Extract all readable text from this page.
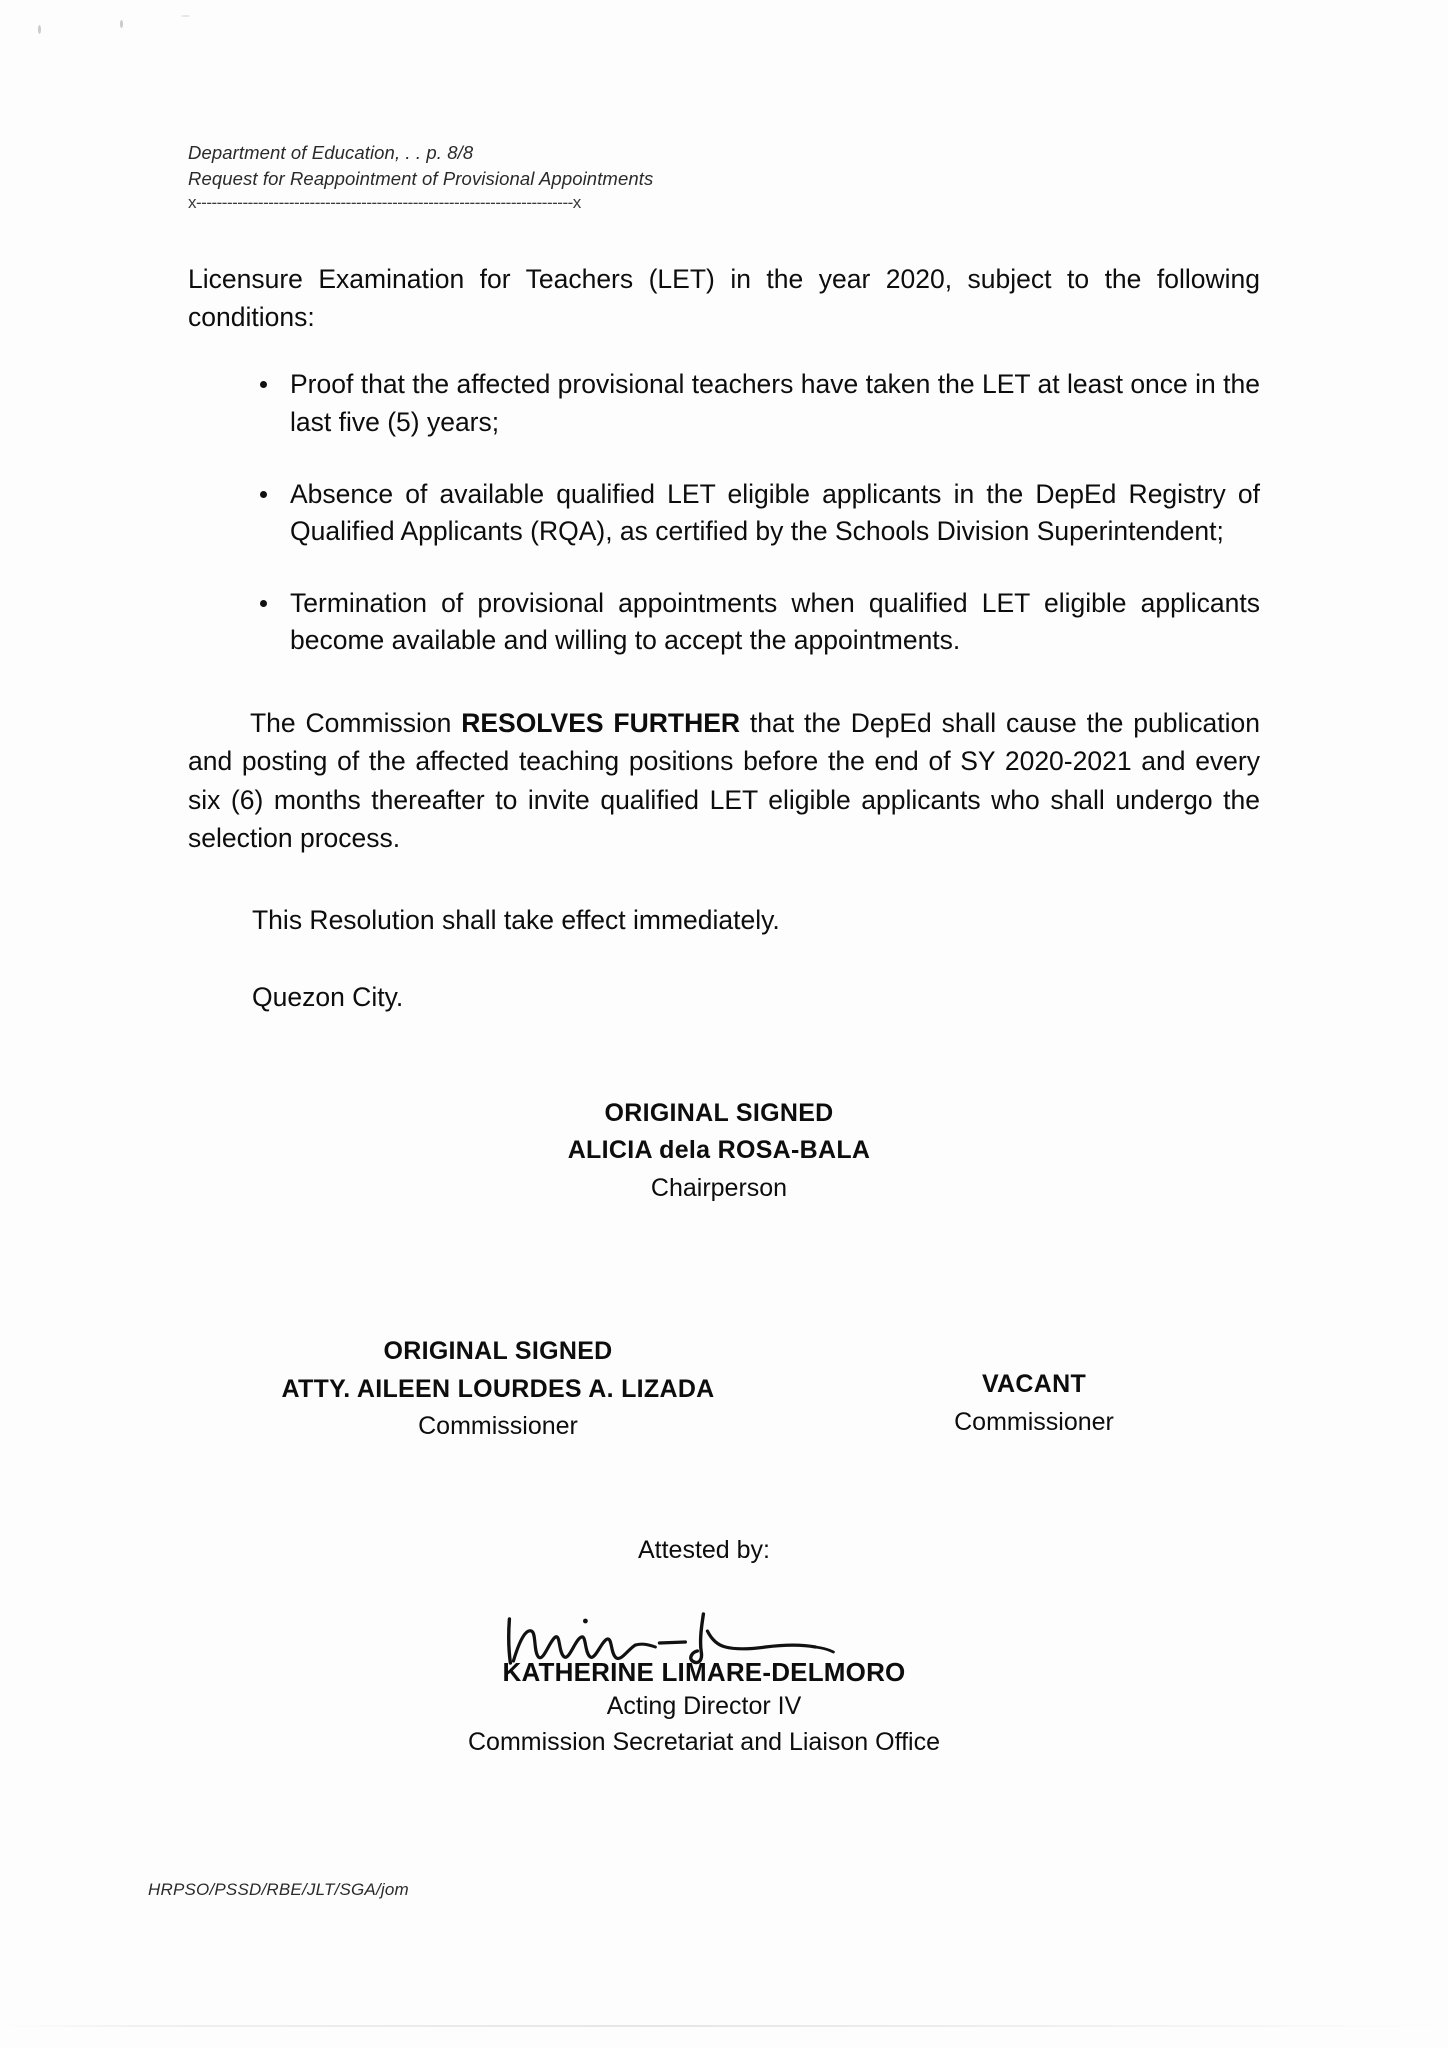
Department of Education, . . p. 8/8
Request for Reappointment of Provisional Appointments
x-------------------------------------------------------------------------x

Licensure Examination for Teachers (LET) in the year 2020, subject to the following conditions:

Proof that the affected provisional teachers have taken the LET at least once in the last five (5) years;
Absence of available qualified LET eligible applicants in the DepEd Registry of Qualified Applicants (RQA), as certified by the Schools Division Superintendent;
Termination of provisional appointments when qualified LET eligible applicants become available and willing to accept the appointments.

The Commission RESOLVES FURTHER that the DepEd shall cause the publication and posting of the affected teaching positions before the end of SY 2020-2021 and every six (6) months thereafter to invite qualified LET eligible applicants who shall undergo the selection process.

This Resolution shall take effect immediately.

Quezon City.

ORIGINAL SIGNED
ALICIA dela ROSA-BALA
Chairperson
ORIGINAL SIGNED
ATTY. AILEEN LOURDES A. LIZADA
Commissioner
VACANT
Commissioner
Attested by:
KATHERINE LIMARE-DELMORO
Acting Director IV
Commission Secretariat and Liaison Office
HRPSO/PSSD/RBE/JLT/SGA/jom
